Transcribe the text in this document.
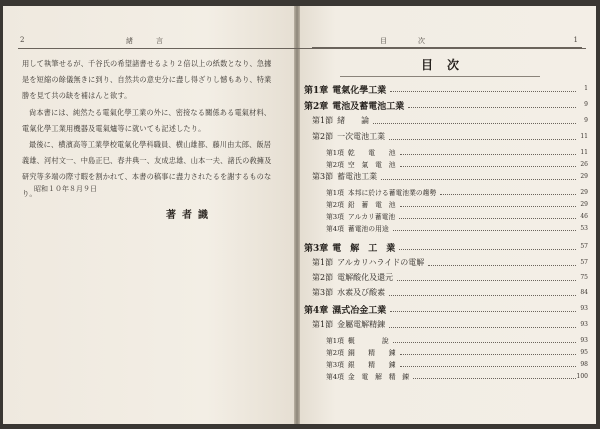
2	緒　言

用して執筆せるが、千谷氏の希望諸書せるより２倍以上の紙数となり、急據是を短縮の餘儀無きに到り、自然共の意史分に盡し得ざりし憾もあり、特業勝を見て共の缺を補はんと欲す。

尙本書には、純然たる電氣化學工業の外に、密接なる關係ある電氣材料、電氣化學工業用機器及電氣爐等に就いても記述したり。

最後に、横濱高等工業學校電氣化學科職員、横山雄都、藤川由太郎、飯居義雄、河村文一、中島正巳、春井典一、友成忠雄、山本一夫、諸氏の敎擁及研究等多端の際寸暇を割かれて、本書の稿事に盡力されたるを謝するものなり。

昭和１０年８月９日
著者識
目　次	1
目次
第1章 電氣化學工業	1
第2章 電池及蓄電池工業	9
第1節 緒　　論	9
第2節 一次電池工業	11
第1項 乾　　電　　池	11
第2項 空　氣　電　池	26
第3節 蓄電池工業	29
第1項 本邦に於ける蓄電池業の趨勢	29
第2項 鉛　蓄　電　池	29
第3項 アルカリ蓄電池	46
第4項 蓄電池の用途	53
第3章 電　解　工　業	57
第1節 アルカリハライドの電解	57
第2節 電解酸化及還元	75
第3節 水素及び酸素	84
第4章 濕式冶金工業	93
第1節 金屬電解精錬	93
第1項 概　　　　說	93
第2項 銅　　精　　錬	95
第3項 銀　　精　　錬	98
第4項 金　電　解　精　錬	100
